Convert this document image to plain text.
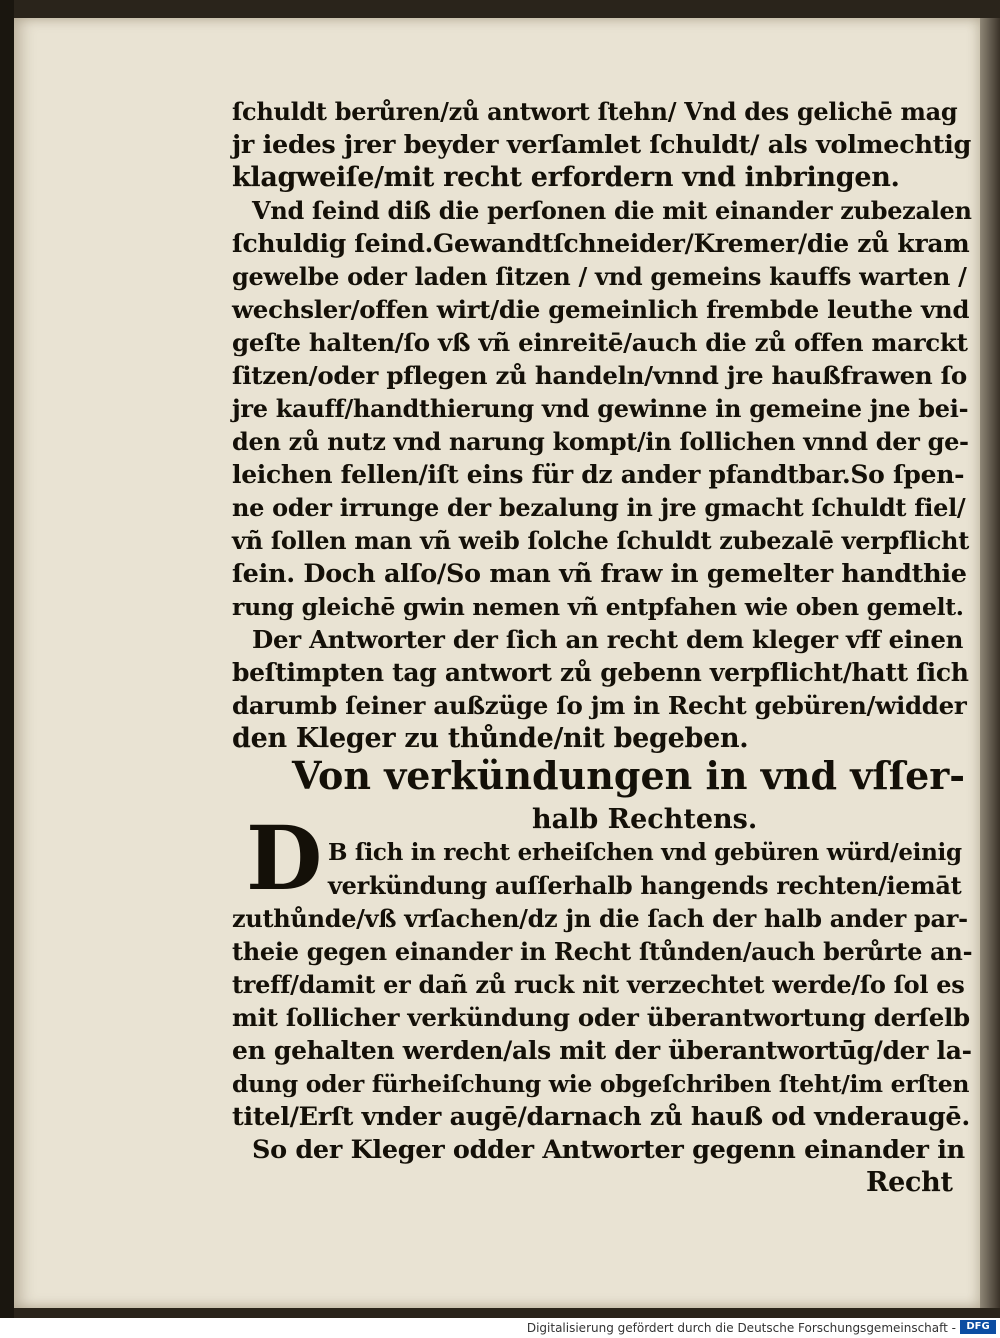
ſchuldt berůren/zů antwort ſtehn/ Vnd des gelichē mag
jr iedes jrer beyder verſamlet ſchuldt/ als volmechtig
klagweiſe/mit recht erfordern vnd inbringen.
Vnd ſeind diß die perſonen die mit einander zubezalen
ſchuldig ſeind.Gewandtſchneider/Kremer/die zů kram
gewelbe oder laden ſitzen / vnd gemeins kauffs warten /
wechsler/offen wirt/die gemeinlich frembde leuthe vnd
geſte halten/ſo vß vñ einreitē/auch die zů offen marckt
ſitzen/oder pflegen zů handeln/vnnd jre haußfrawen ſo
jre kauff/handthierung vnd gewinne in gemeine jne bei-
den zů nutz vnd narung kompt/in ſollichen vnnd der ge-
leichen fellen/iſt eins für dz ander pfandtbar.So ſpen-
ne oder irrunge der bezalung in jre gmacht ſchuldt fiel/
vñ ſollen man vñ weib ſolche ſchuldt zubezalē verpflicht
ſein. Doch alſo/So man vñ fraw in gemelter handthie
rung gleichē gwin nemen vñ entpfahen wie oben gemelt.
Der Antworter der ſich an recht dem kleger vff einen
beſtimpten tag antwort zů gebenn verpflicht/hatt ſich
darumb ſeiner außzüge ſo jm in Recht gebüren/widder
den Kleger zu thůnde/nit begeben.
Von verkündungen in vnd vſſer-
halb Rechtens.
B ſich in recht erheiſchen vnd gebüren würd/einig
verkündung auſſerhalb hangends rechten/iemāt
zuthůnde/vß vrſachen/dz jn die ſach der halb ander par-
theie gegen einander in Recht ſtůnden/auch berůrte an-
treff/damit er dañ zů ruck nit verzechtet werde/ſo ſol es
mit ſollicher verkündung oder überantwortung derſelb
en gehalten werden/als mit der überantwortūg/der la-
dung oder fürheiſchung wie obgeſchriben ſteht/im erſten
titel/Erſt vnder augē/darnach zů hauß od vnderaugē.
So der Kleger odder Antworter gegenn einander in
Recht
D
Digitalisierung gefördert durch die Deutsche Forschungsgemeinschaft -	DFG
